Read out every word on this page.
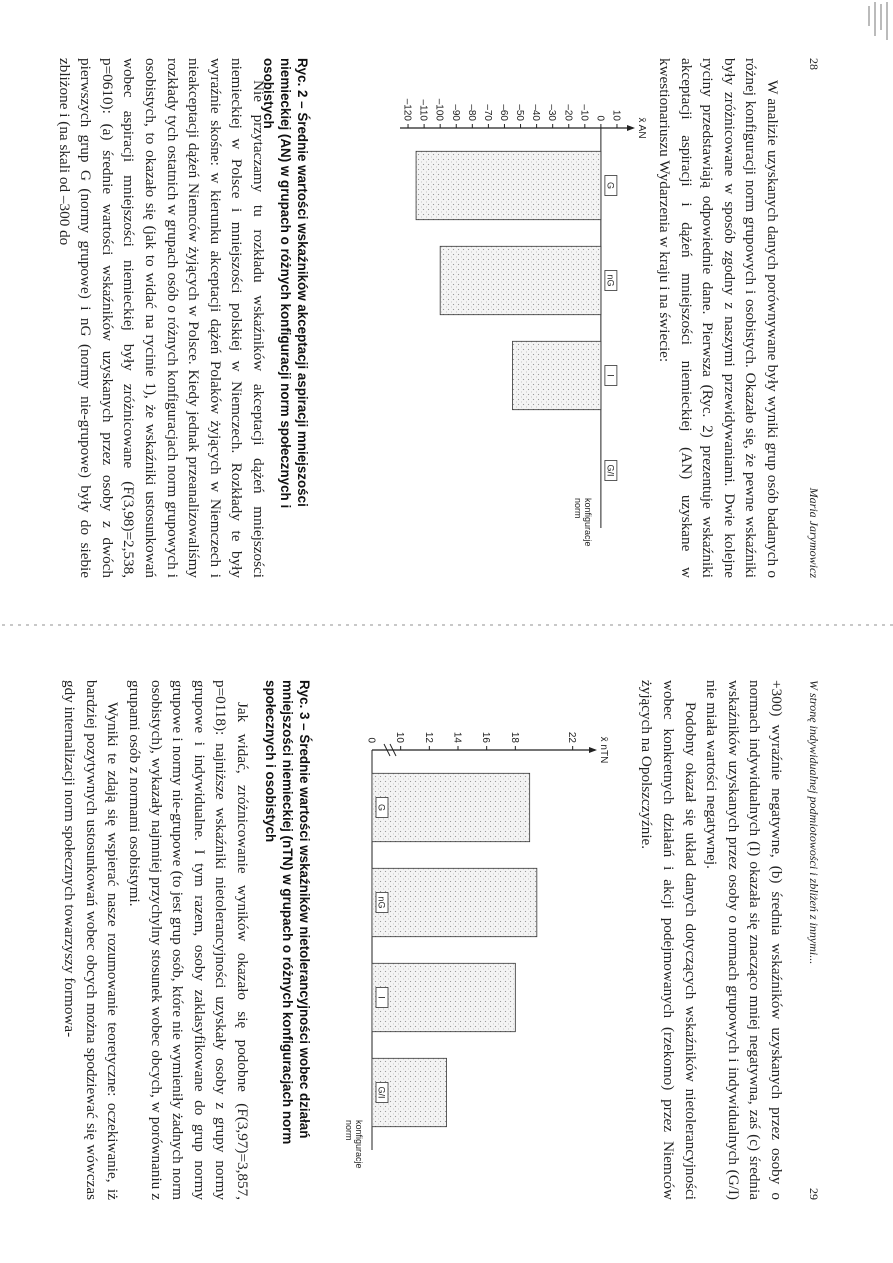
28
Maria Jarymowicz

W analizie uzyskanych danych porównywane były wyniki grup osób badanych o różnej konfiguracji norm grupowych i osobistych. Okazało się, że pewne wskaźniki były zróżnicowane w sposób zgodny z naszymi przewidywaniami. Dwie kolejne ryciny przedstawiają odpowiednie dane. Pierwsza (Ryc. 2) prezentuje wskaźniki akceptacji aspiracji i dążeń mniejszości niemieckiej (AN) uzyskane w kwestionariuszu Wydarzenia w kraju i na świecie:

x̄ AN
10
0
–10
–20
–30
–40
–50
–60
–70
–80
–90
–100
–110
–120
G
nG
I
G/I
konfiguracjenorm
Ryc. 2 – Średnie wartości wskaźników akceptacji aspiracji mniejszości niemieckiej (AN) w grupach o różnych konfiguracji norm społecznych i osobistych

Nie przytaczamy tu rozkładu wskaźników akceptacji dążeń mniejszości niemieckiej w Polsce i mniejszości polskiej w Niemczech. Rozkłady te były wyraźnie skośne: w kierunku akceptacji dążeń Polaków żyjących w Niemczech i nieakceptacji dążeń Niemców żyjących w Polsce. Kiedy jednak przeanalizowaliśmy rozkłady tych ostatnich w grupach osób o różnych konfiguracjach norm grupowych i osobistych, to okazało się (jak to widać na rycinie 1), że wskaźniki ustosunkowań wobec aspiracji mniejszości niemieckiej były zróżnicowane (F(3,98)=2,538, p=0610): (a) średnie wartości wskaźników uzyskanych przez osoby z dwóch pierwszych grup G (normy grupowe) i nG (normy nie-grupowe) były do siebie zbliżone i (na skali od –300 do

W stronę indywidualnej podmiotowości i zbliżeń z innymi...
29

+300) wyraźnie negatywne, (b) średnia wskaźników uzyskanych przez osoby o normach indywidualnych (I) okazała się znacząco mniej negatywna, zaś (c) średnia wskaźników uzyskanych przez osoby o normach grupowych i indywidualnych (G/I) nie miała wartości negatywnej.

Podobny okazał się układ danych dotyczących wskaźników nietolerancyjności wobec konkretnych działań i akcji podejmowanych (rzekomo) przez Niemców żyjących na Opolszczyźnie.

x̄ nTN
10 12 14 16 18	22
0
G
nG
I
G/I
konfiguracjenorm
Ryc. 3 – Średnie wartości wskaźników nietolerancyjności wobec działań mniejszości niemieckiej (nTN) w grupach o różnych konfiguracjach norm społecznych i osobistych

Jak widać, zróżnicowanie wyników okazało się podobne (F(3,97)=3,857, p=0118): najniższe wskaźniki nietolerancyjności uzyskały osoby z grupy normy grupowe i indywidualne. I tym razem, osoby zaklasyfikowane do grup normy grupowe i normy nie-grupowe (to jest grup osób, które nie wymieniły żadnych norm osobistych), wykazały najmniej przychylny stosunek wobec obcych, w porównaniu z grupami osób z normami osobistymi.

Wyniki te zdają się wspierać nasze rozumowanie teoretyczne: oczekiwanie, iż bardziej pozytywnych ustosunkowań wobec obcych można spodziewać się wówczas gdy internalizacji norm społecznych towarzyszy formowa-
